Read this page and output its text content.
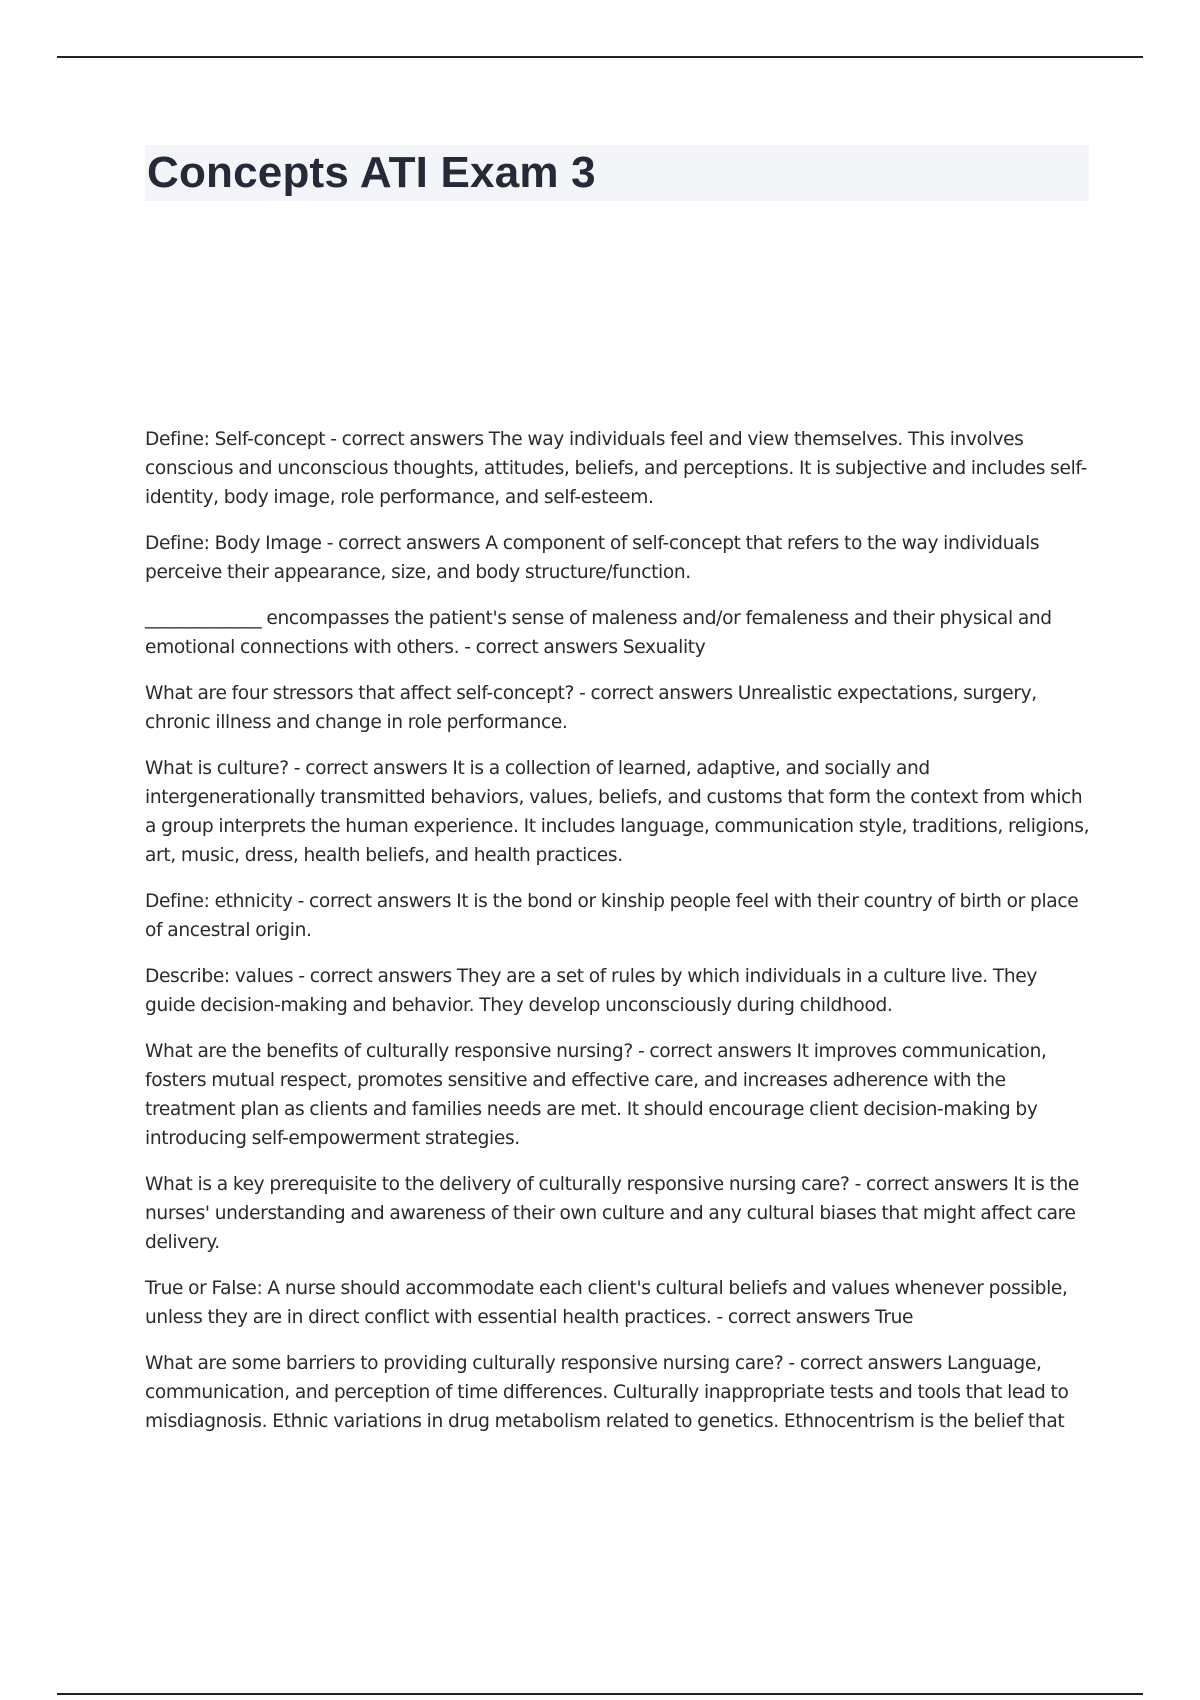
Concepts ATI Exam 3

Define: Self-concept - correct answers The way individuals feel and view themselves. This involves conscious and unconscious thoughts, attitudes, beliefs, and perceptions. It is subjective and includes self-identity, body image, role performance, and self-esteem.

Define: Body Image - correct answers A component of self-concept that refers to the way individuals perceive their appearance, size, and body structure/function.

_____________ encompasses the patient's sense of maleness and/or femaleness and their physical and emotional connections with others. - correct answers Sexuality

What are four stressors that affect self-concept? - correct answers Unrealistic expectations, surgery, chronic illness and change in role performance.

What is culture? - correct answers It is a collection of learned, adaptive, and socially and intergenerationally transmitted behaviors, values, beliefs, and customs that form the context from which a group interprets the human experience. It includes language, communication style, traditions, religions, art, music, dress, health beliefs, and health practices.

Define: ethnicity - correct answers It is the bond or kinship people feel with their country of birth or place of ancestral origin.

Describe: values - correct answers They are a set of rules by which individuals in a culture live. They guide decision-making and behavior. They develop unconsciously during childhood.

What are the benefits of culturally responsive nursing? - correct answers It improves communication, fosters mutual respect, promotes sensitive and effective care, and increases adherence with the treatment plan as clients and families needs are met. It should encourage client decision-making by introducing self-empowerment strategies.

What is a key prerequisite to the delivery of culturally responsive nursing care? - correct answers It is the nurses' understanding and awareness of their own culture and any cultural biases that might affect care delivery.

True or False: A nurse should accommodate each client's cultural beliefs and values whenever possible, unless they are in direct conflict with essential health practices. - correct answers True

What are some barriers to providing culturally responsive nursing care? - correct answers Language, communication, and perception of time differences. Culturally inappropriate tests and tools that lead to misdiagnosis. Ethnic variations in drug metabolism related to genetics. Ethnocentrism is the belief that
